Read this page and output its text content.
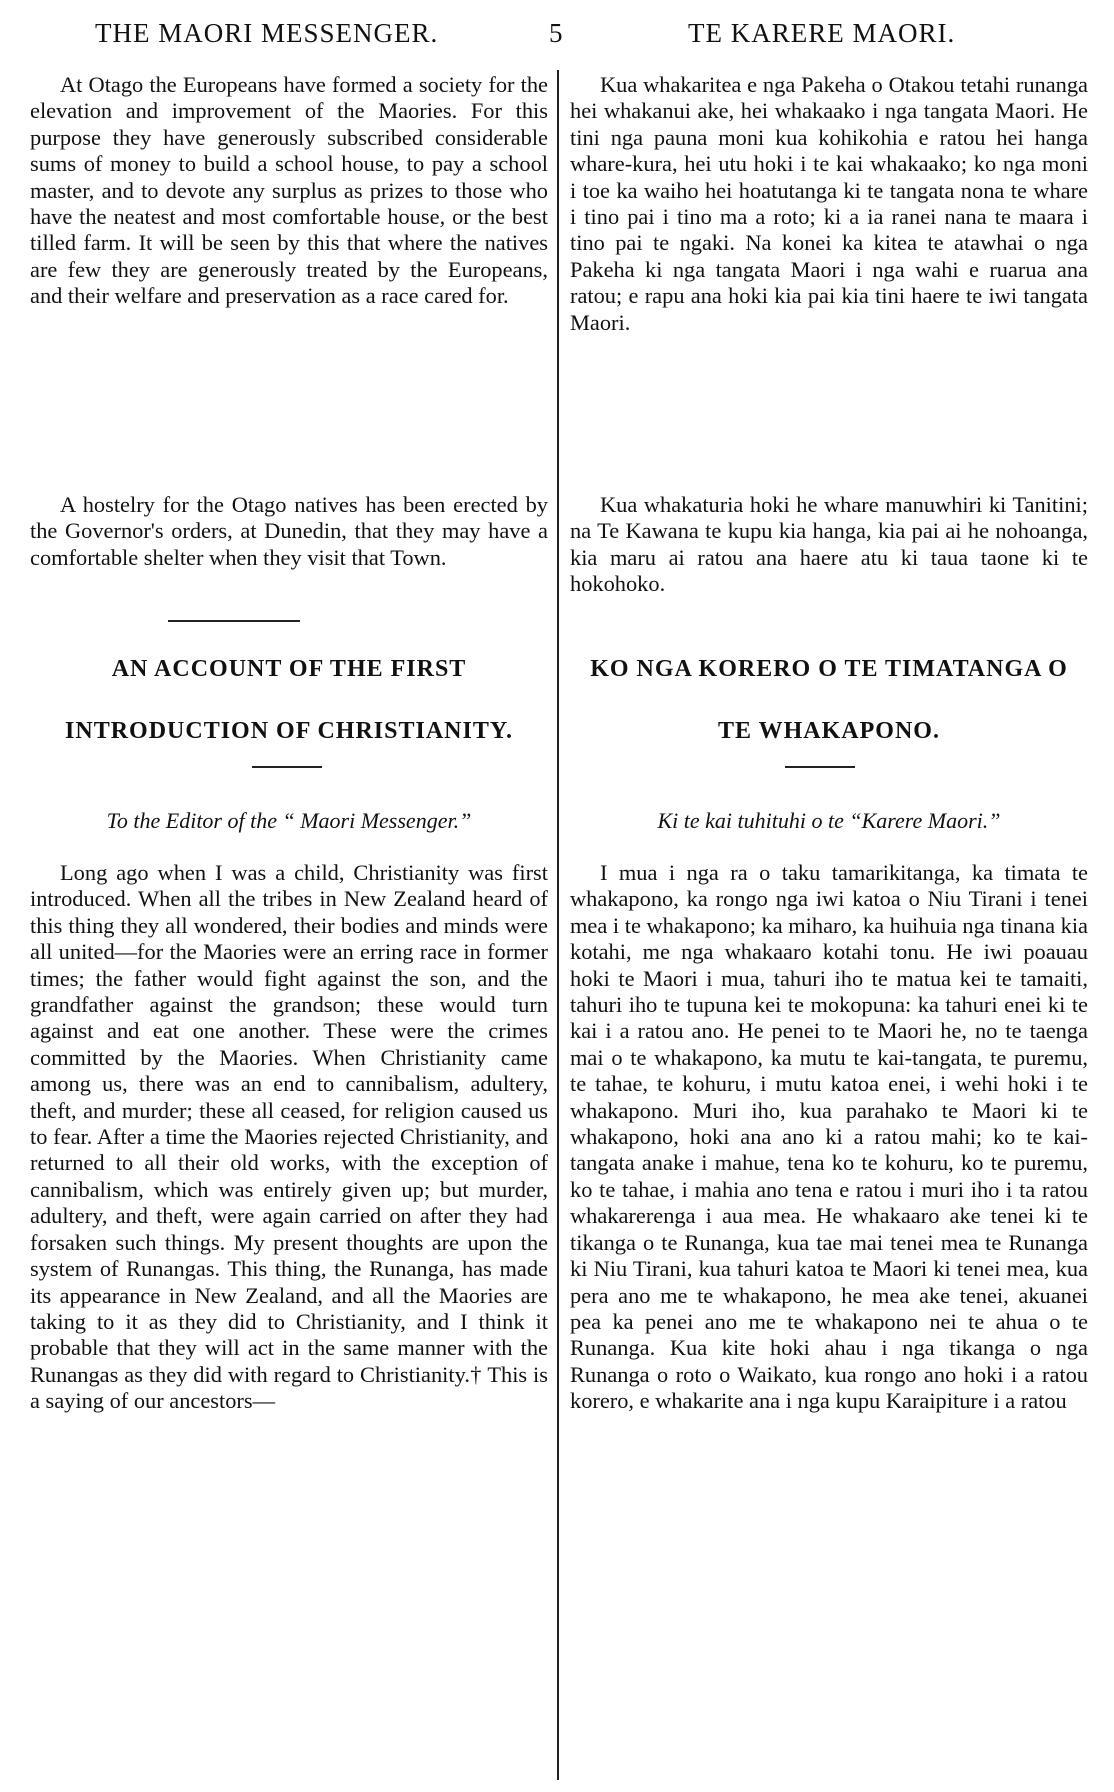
THE MAORI MESSENGER.	5	TE KARERE MAORI.

At Otago the Europeans have formed a society for the elevation and improvement of the Maories. For this purpose they have generously subscribed considerable sums of money to build a school house, to pay a school master, and to devote any surplus as prizes to those who have the neatest and most comfortable house, or the best tilled farm. It will be seen by this that where the natives are few they are generously treated by the Europeans, and their welfare and preservation as a race cared for.

A hostelry for the Otago natives has been erected by the Governor's orders, at Dunedin, that they may have a comfortable shelter when they visit that Town.

AN ACCOUNT OF THE FIRST INTRODUCTION OF CHRISTIANITY.

To the Editor of the “ Maori Messenger.”

Long ago when I was a child, Christianity was first introduced. When all the tribes in New Zealand heard of this thing they all wondered, their bodies and minds were all united—for the Maories were an erring race in former times; the father would fight against the son, and the grandfather against the grandson; these would turn against and eat one another. These were the crimes committed by the Maories. When Christianity came among us, there was an end to cannibalism, adultery, theft, and murder; these all ceased, for religion caused us to fear. After a time the Maories rejected Christianity, and returned to all their old works, with the exception of cannibalism, which was entirely given up; but murder, adultery, and theft, were again carried on after they had forsaken such things. My present thoughts are upon the system of Runangas. This thing, the Runanga, has made its appearance in New Zealand, and all the Maories are taking to it as they did to Christianity, and I think it probable that they will act in the same manner with the Runangas as they did with regard to Christianity.† This is a saying of our ancestors—

Kua whakaritea e nga Pakeha o Otakou tetahi runanga hei whakanui ake, hei whakaako i nga tangata Maori. He tini nga pauna moni kua kohikohia e ratou hei hanga whare-kura, hei utu hoki i te kai whakaako; ko nga moni i toe ka waiho hei hoatutanga ki te tangata nona te whare i tino pai i tino ma a roto; ki a ia ranei nana te maara i tino pai te ngaki. Na konei ka kitea te atawhai o nga Pakeha ki nga tangata Maori i nga wahi e ruarua ana ratou; e rapu ana hoki kia pai kia tini haere te iwi tangata Maori.

Kua whakaturia hoki he whare manuwhiri ki Tanitini; na Te Kawana te kupu kia hanga, kia pai ai he nohoanga, kia maru ai ratou ana haere atu ki taua taone ki te hokohoko.

KO NGA KORERO O TE TIMATANGA O TE WHAKAPONO.

Ki te kai tuhituhi o te “Karere Maori.”

I mua i nga ra o taku tamarikitanga, ka timata te whakapono, ka rongo nga iwi katoa o Niu Tirani i tenei mea i te whakapono; ka miharo, ka huihuia nga tinana kia kotahi, me nga whakaaro kotahi tonu. He iwi poauau hoki te Maori i mua, tahuri iho te matua kei te tamaiti, tahuri iho te tupuna kei te mokopuna: ka tahuri enei ki te kai i a ratou ano. He penei to te Maori he, no te taenga mai o te whakapono, ka mutu te kai-tangata, te puremu, te tahae, te kohuru, i mutu katoa enei, i wehi hoki i te whakapono. Muri iho, kua parahako te Maori ki te whakapono, hoki ana ano ki a ratou mahi; ko te kai-tangata anake i mahue, tena ko te kohuru, ko te puremu, ko te tahae, i mahia ano tena e ratou i muri iho i ta ratou whakarerenga i aua mea. He whakaaro ake tenei ki te tikanga o te Runanga, kua tae mai tenei mea te Runanga ki Niu Tirani, kua tahuri katoa te Maori ki tenei mea, kua pera ano me te whakapono, he mea ake tenei, akuanei pea ka penei ano me te whakapono nei te ahua o te Runanga. Kua kite hoki ahau i nga tikanga o nga Runanga o roto o Waikato, kua rongo ano hoki i a ratou korero, e whakarite ana i nga kupu Karaipiture i a ratou
